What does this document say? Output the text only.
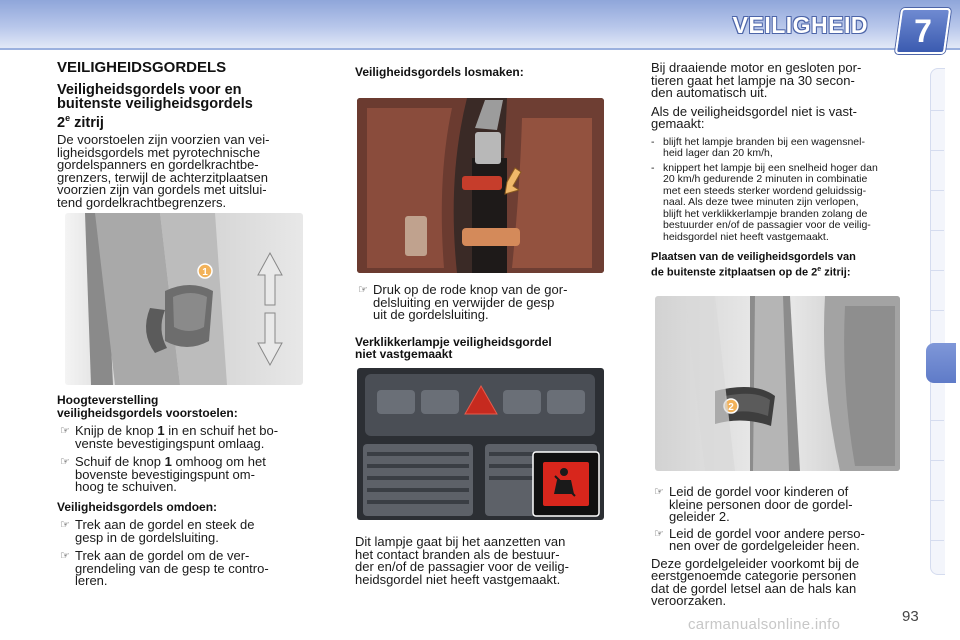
VEILIGHEID	7
VEILIGHEIDSGORDELS
Veiligheidsgordels voor en
buitenste veiligheidsgordels
2e zitrij

De voorstoelen zijn voorzien van vei-

ligheidsgordels met pyrotechnische

gordelspanners en gordelkrachtbe-

grenzers, terwijl de achterzitplaatsen

voorzien zijn van gordels met uitslui-

tend gordelkrachtbegrenzers.

1
Hoogteverstelling
veiligheidsgordels voorstoelen:
☞ Knijp de knop 1 in en schuif het bo-

venste bevestigingspunt omlaag.

☞ Schuif de knop 1 omhoog om het

bovenste bevestigingspunt om-

hoog te schuiven.

Veiligheidsgordels omdoen:
☞ Trek aan de gordel en steek de

gesp in de gordelsluiting.

☞ Trek aan de gordel om de ver-

grendeling van de gesp te contro-

leren.

Veiligheidsgordels losmaken:
☞ Druk op de rode knop van de gor-

delsluiting en verwijder de gesp

uit de gordelsluiting.

Verklikkerlampje veiligheidsgordel
niet vastgemaakt

Dit lampje gaat bij het aanzetten van

het contact branden als de bestuur-

der en/of de passagier voor de veilig-

heidsgordel niet heeft vastgemaakt.

Bij draaiende motor en gesloten por-

tieren gaat het lampje na 30 secon-

den automatisch uit.

Als de veiligheidsgordel niet is vast-

gemaakt:

- blijft het lampje branden bij een wagensnel-

heid lager dan 20 km/h,

- knippert het lampje bij een snelheid hoger dan

20 km/h gedurende 2 minuten in combinatie

met een steeds sterker wordend geluidssig-

naal. Als deze twee minuten zijn verlopen,

blijft het verklikkerlampje branden zolang de

bestuurder en/of de passagier voor de veilig-

heidsgordel niet heeft vastgemaakt.

Plaatsen van de veiligheidsgordels van
de buitenste zitplaatsen op de 2e zitrij:
2
☞ Leid de gordel voor kinderen of

kleine personen door de gordel-

geleider 2.

☞ Leid de gordel voor andere perso-

nen over de gordelgeleider heen.

Deze gordelgeleider voorkomt bij de

eerstgenoemde categorie personen

dat de gordel letsel aan de hals kan

veroorzaken.

carmanualsonline.info	93
